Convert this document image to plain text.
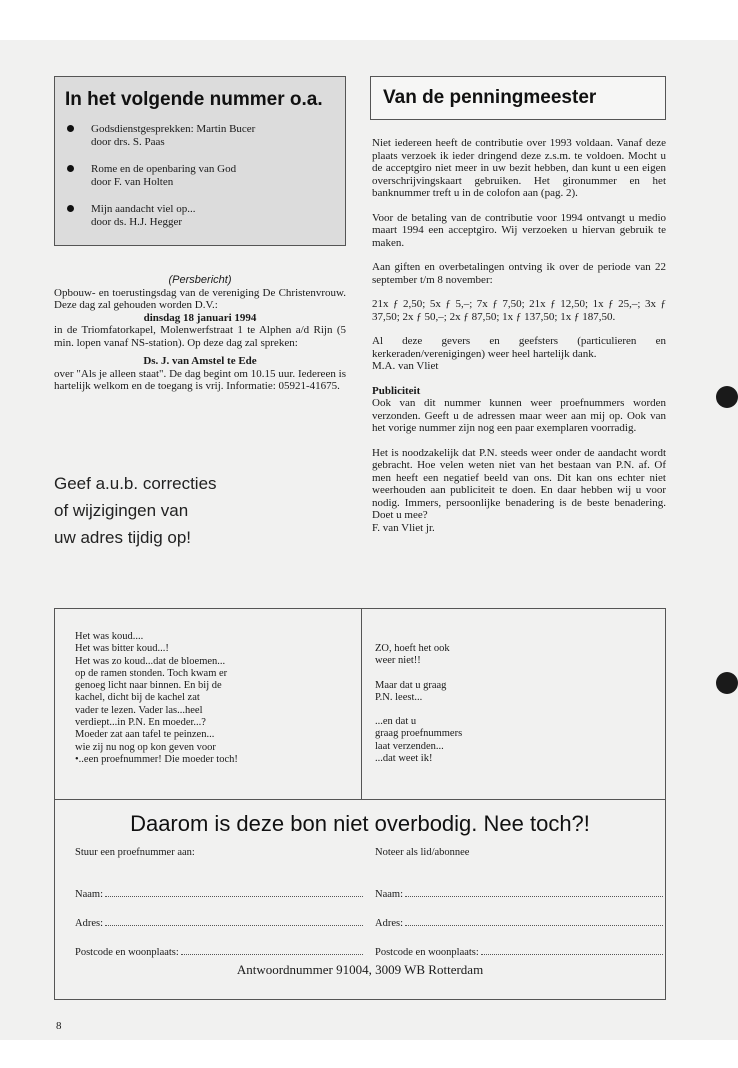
In het volgende nummer o.a.
Godsdienstgesprekken: Martin Bucer
door drs. S. Paas
Rome en de openbaring van God
door F. van Holten
Mijn aandacht viel op...
door ds. H.J. Hegger
(Persbericht)

Opbouw- en toerustingsdag van de vereniging De Christenvrouw. Deze dag zal gehouden worden D.V.:

dinsdag 18 januari 1994

in de Triomfatorkapel, Molenwerfstraat 1 te Alphen a/d Rijn (5 min. lopen vanaf NS-station). Op deze dag zal spreken:

Ds. J. van Amstel te Ede

over "Als je alleen staat". De dag begint om 10.15 uur. Iedereen is hartelijk welkom en de toegang is vrij. Informatie: 05921-41675.

Geef a.u.b. correcties
of wijzigingen van
uw adres tijdig op!
Van de penningmeester

Niet iedereen heeft de contributie over 1993 voldaan. Vanaf deze plaats verzoek ik ieder dringend deze z.s.m. te voldoen. Mocht u de acceptgiro niet meer in uw bezit hebben, dan kunt u een eigen overschrijvingskaart gebruiken. Het gironummer en het banknummer treft u in de colofon aan (pag. 2).

Voor de betaling van de contributie voor 1994 ontvangt u medio maart 1994 een acceptgiro. Wij verzoeken u hiervan gebruik te maken.

Aan giften en overbetalingen ontving ik over de periode van 22 september t/m 8 november:

21x ƒ 2,50; 5x ƒ 5,–; 7x ƒ 7,50; 21x ƒ 12,50; 1x ƒ 25,–; 3x ƒ 37,50; 2x ƒ 50,–; 2x ƒ 87,50; 1x ƒ 137,50; 1x ƒ 187,50.

Al deze gevers en geefsters (particulieren en kerkeraden/verenigingen) weer heel hartelijk dank.

M.A. van Vliet

Publiciteit

Ook van dit nummer kunnen weer proefnummers worden verzonden. Geeft u de adressen maar weer aan mij op. Ook van het vorige nummer zijn nog een paar exemplaren voorradig.

Het is noodzakelijk dat P.N. steeds weer onder de aandacht wordt gebracht. Hoe velen weten niet van het bestaan van P.N. af. Of men heeft een negatief beeld van ons. Dit kan ons echter niet weerhouden aan publiciteit te doen. En daar hebben wij u voor nodig. Immers, persoonlijke benadering is de beste benadering. Doet u mee?

F. van Vliet jr.

Het was koud....
Het was bitter koud...!
Het was zo koud...dat de bloemen...
op de ramen stonden. Toch kwam er
genoeg licht naar binnen. En bij de
kachel, dicht bij de kachel zat
vader te lezen. Vader las...heel
verdiept...in P.N. En moeder...?
Moeder zat aan tafel te peinzen...
wie zij nu nog op kon geven voor
•..een proefnummer! Die moeder toch!
ZO, hoeft het ook
weer niet!!
Maar dat u graag
P.N. leest...
...en dat u
graag proefnummers
laat verzenden...
...dat weet ik!
Daarom is deze bon niet overbodig. Nee toch?!
Stuur een proefnummer aan:
Naam:
Adres:
Postcode en woonplaats:
Noteer als lid/abonnee
Naam:
Adres:
Postcode en woonplaats:
Antwoordnummer 91004, 3009 WB Rotterdam
8
